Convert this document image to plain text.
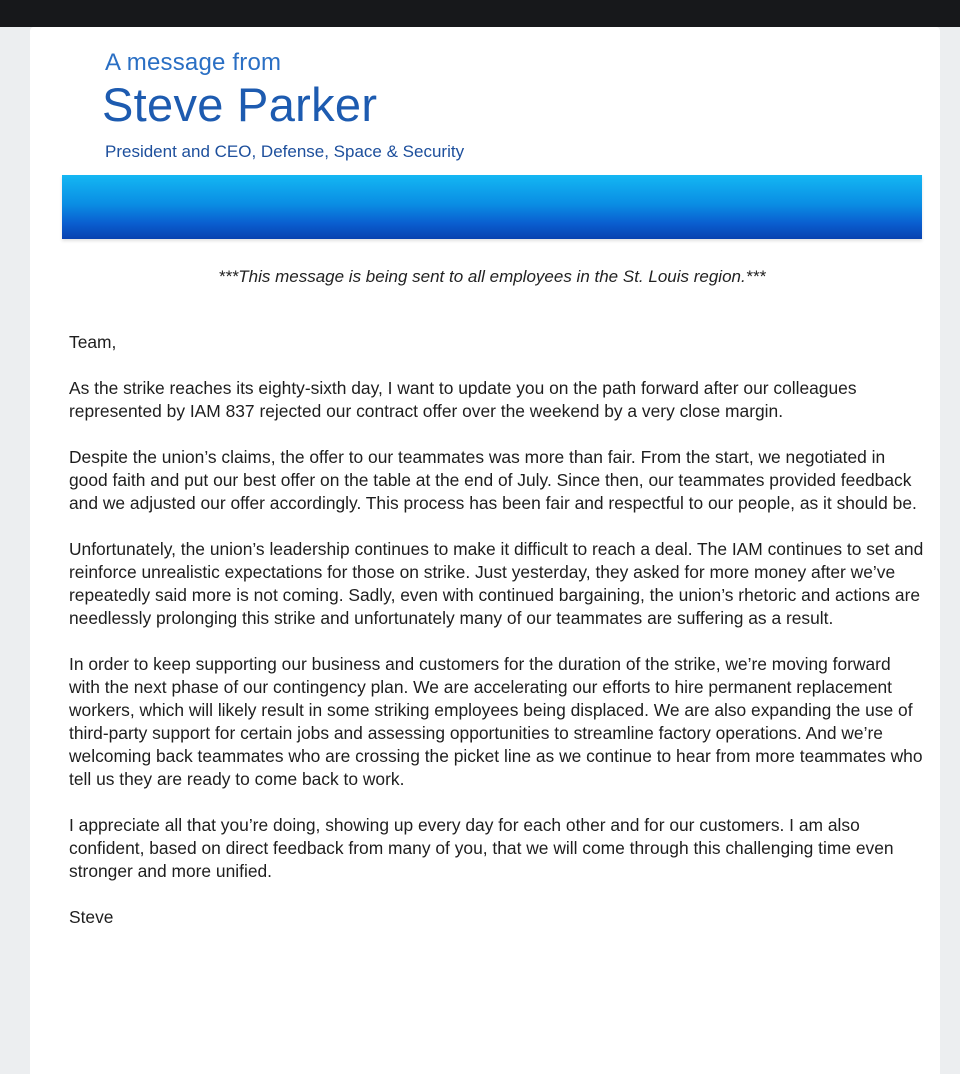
A message from
Steve Parker
President and CEO, Defense, Space & Security
***This message is being sent to all employees in the St. Louis region.***

Team,

As the strike reaches its eighty-sixth day, I want to update you on the path forward after our colleagues represented by IAM 837 rejected our contract offer over the weekend by a very close margin.

Despite the union’s claims, the offer to our teammates was more than fair. From the start, we negotiated in good faith and put our best offer on the table at the end of July. Since then, our teammates provided feedback and we adjusted our offer accordingly. This process has been fair and respectful to our people, as it should be.

Unfortunately, the union’s leadership continues to make it difficult to reach a deal. The IAM continues to set and reinforce unrealistic expectations for those on strike. Just yesterday, they asked for more money after we’ve repeatedly said more is not coming. Sadly, even with continued bargaining, the union’s rhetoric and actions are needlessly prolonging this strike and unfortunately many of our teammates are suffering as a result.

In order to keep supporting our business and customers for the duration of the strike, we’re moving forward with the next phase of our contingency plan. We are accelerating our efforts to hire permanent replacement workers, which will likely result in some striking employees being displaced. We are also expanding the use of third-party support for certain jobs and assessing opportunities to streamline factory operations. And we’re welcoming back teammates who are crossing the picket line as we continue to hear from more teammates who tell us they are ready to come back to work.

I appreciate all that you’re doing, showing up every day for each other and for our customers. I am also confident, based on direct feedback from many of you, that we will come through this challenging time even stronger and more unified.

Steve
